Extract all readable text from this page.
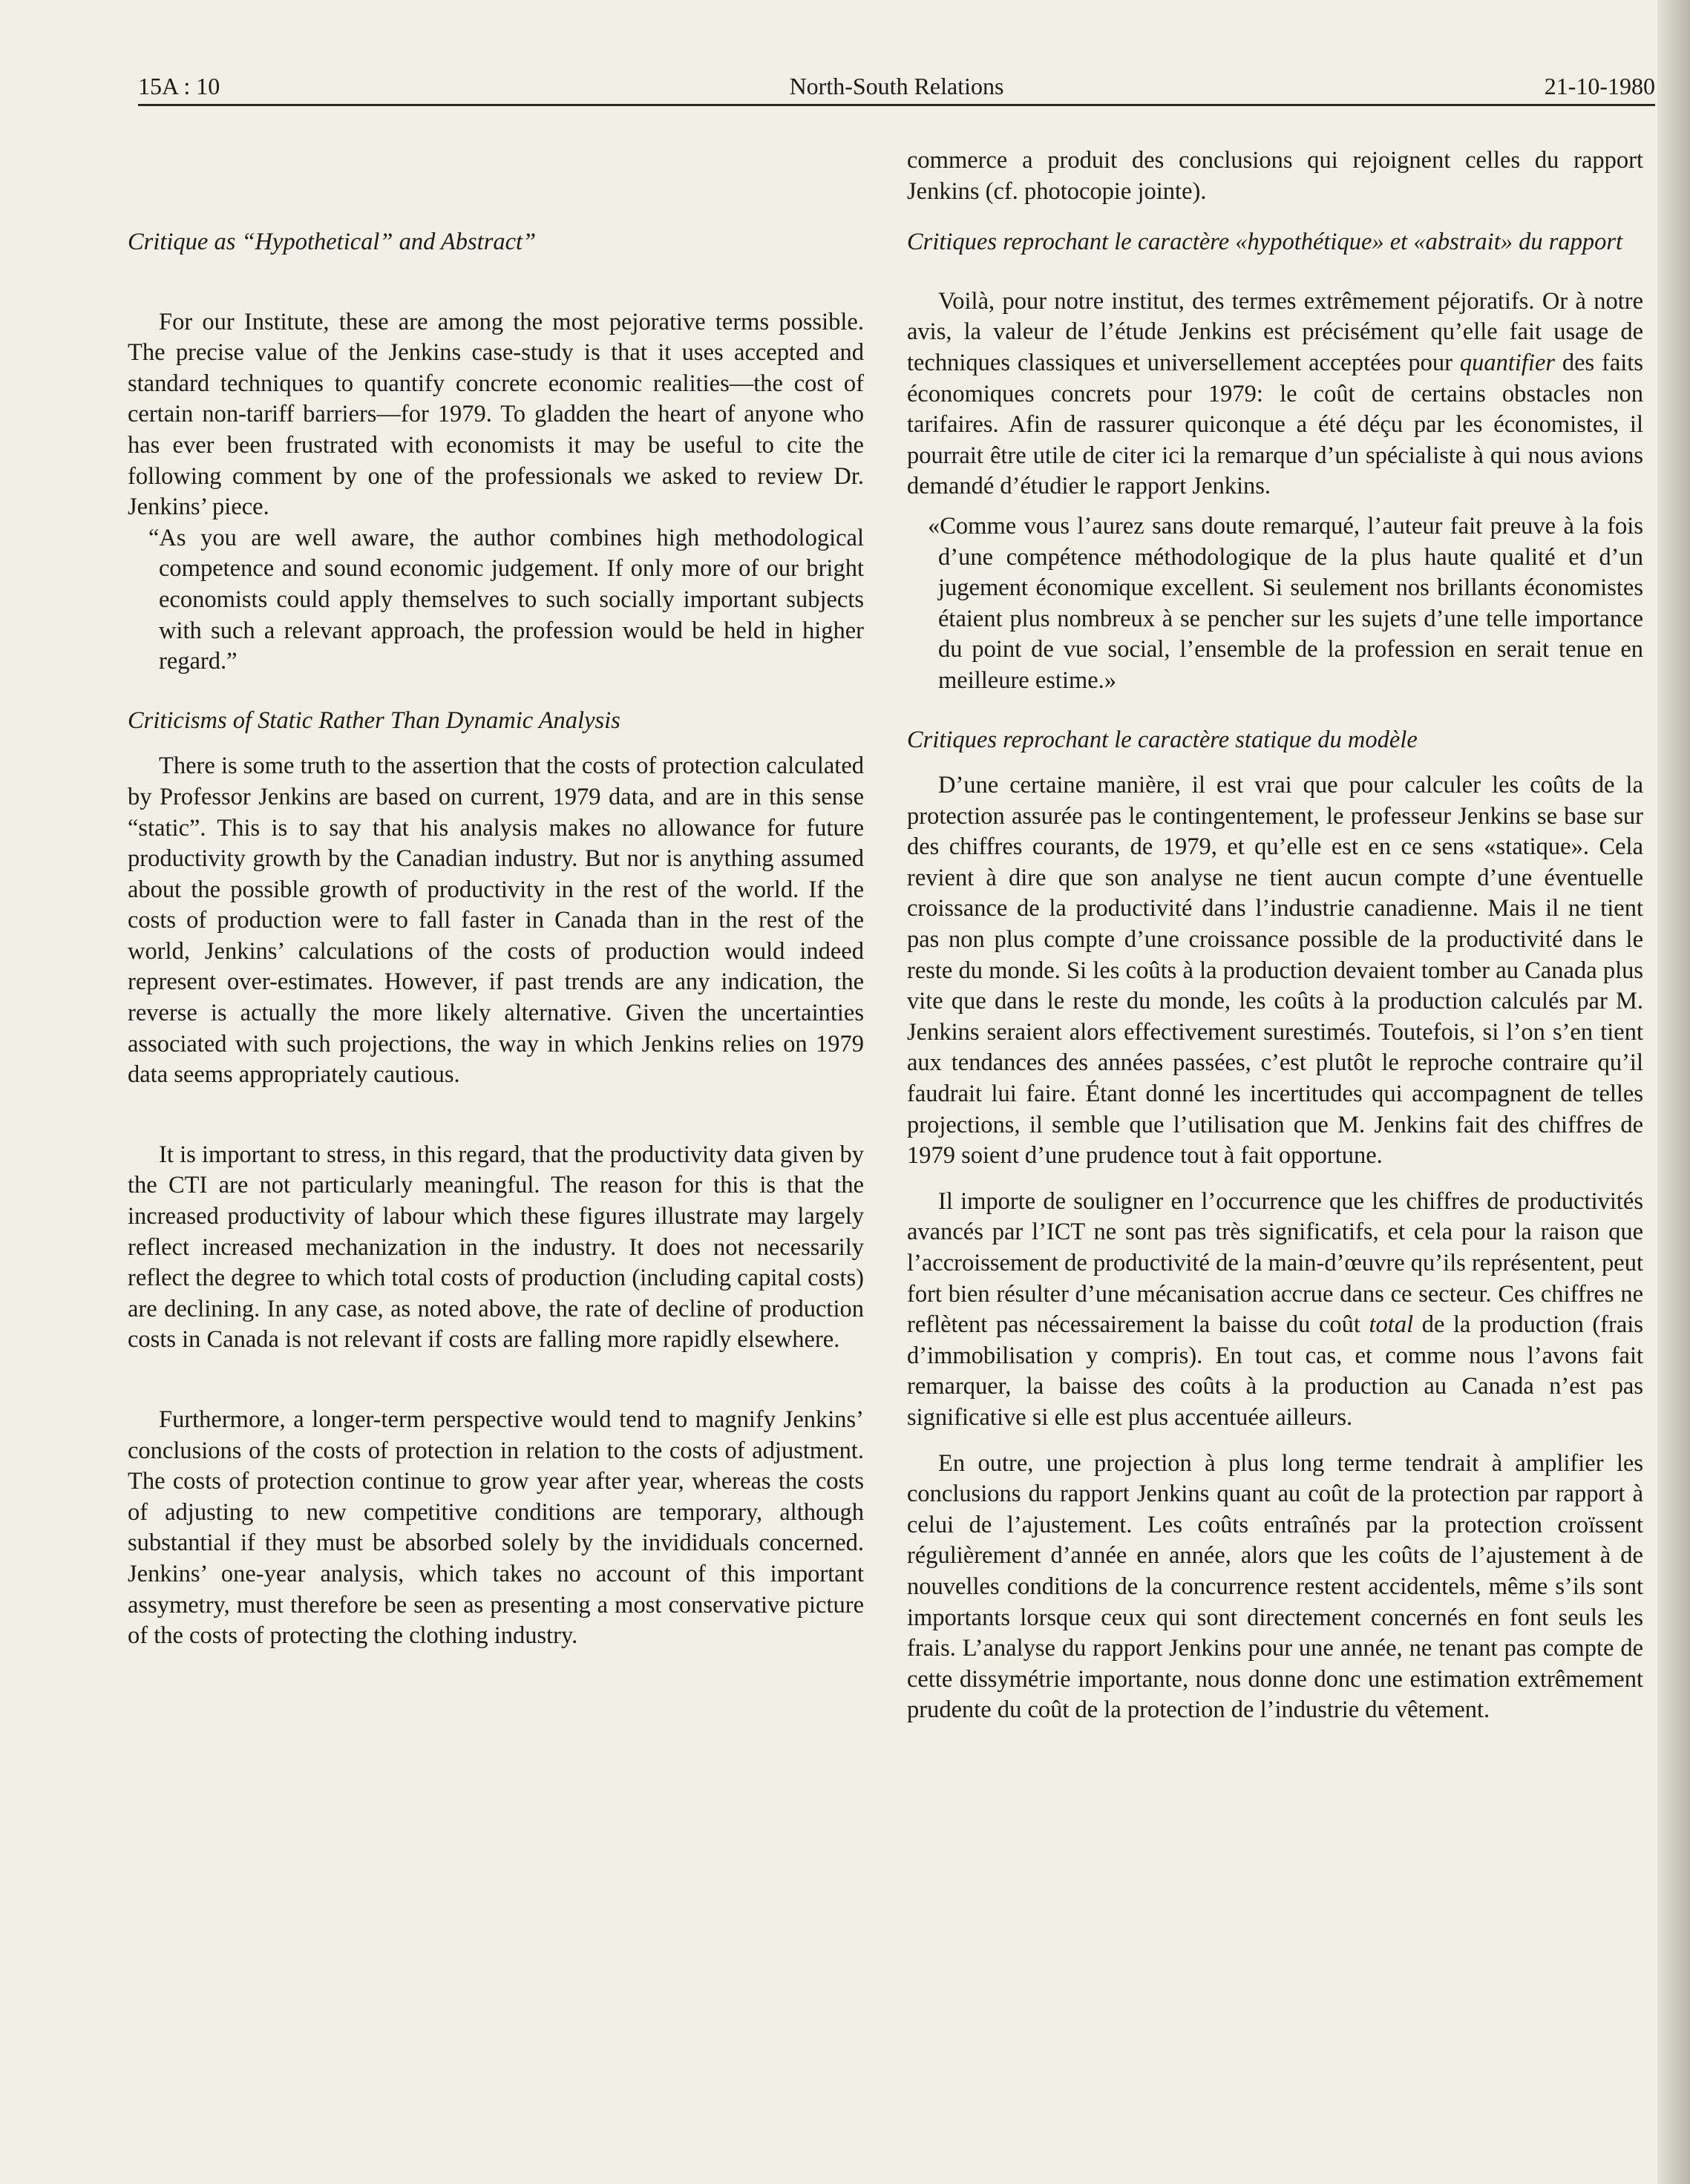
15A : 10	North-South Relations	21-10-1980
Critique as “Hypothetical” and Abstract”

For our Institute, these are among the most pejorative terms possible. The precise value of the Jenkins case-study is that it uses accepted and standard techniques to quantify concrete economic realities—the cost of certain non-tariff barriers—for 1979. To gladden the heart of anyone who has ever been frustrated with economists it may be useful to cite the following comment by one of the professionals we asked to review Dr. Jenkins’ piece.

“As you are well aware, the author combines high methodological competence and sound economic judgement. If only more of our bright economists could apply themselves to such socially important subjects with such a relevant approach, the profession would be held in higher regard.”

Criticisms of Static Rather Than Dynamic Analysis

There is some truth to the assertion that the costs of protection calculated by Professor Jenkins are based on current, 1979 data, and are in this sense “static”. This is to say that his analysis makes no allowance for future productivity growth by the Canadian industry. But nor is anything assumed about the possible growth of productivity in the rest of the world. If the costs of production were to fall faster in Canada than in the rest of the world, Jenkins’ calculations of the costs of production would indeed represent over-estimates. However, if past trends are any indication, the reverse is actually the more likely alternative. Given the uncertainties associated with such projections, the way in which Jenkins relies on 1979 data seems appropriately cautious.

It is important to stress, in this regard, that the productivity data given by the CTI are not particularly meaningful. The reason for this is that the increased productivity of labour which these figures illustrate may largely reflect increased mechanization in the industry. It does not necessarily reflect the degree to which total costs of production (including capital costs) are declining. In any case, as noted above, the rate of decline of production costs in Canada is not relevant if costs are falling more rapidly elsewhere.

Furthermore, a longer-term perspective would tend to magnify Jenkins’ conclusions of the costs of protection in relation to the costs of adjustment. The costs of protection continue to grow year after year, whereas the costs of adjusting to new competitive conditions are temporary, although substantial if they must be absorbed solely by the invididuals concerned. Jenkins’ one-year analysis, which takes no account of this important assymetry, must therefore be seen as presenting a most conservative picture of the costs of protecting the clothing industry.

commerce a produit des conclusions qui rejoignent celles du rapport Jenkins (cf. photocopie jointe).

Critiques reprochant le caractère «hypothétique» et «abstrait» du rapport

Voilà, pour notre institut, des termes extrêmement péjoratifs. Or à notre avis, la valeur de l’étude Jenkins est précisément qu’elle fait usage de techniques classiques et universellement acceptées pour quantifier des faits économiques concrets pour 1979: le coût de certains obstacles non tarifaires. Afin de rassurer quiconque a été déçu par les économistes, il pourrait être utile de citer ici la remarque d’un spécialiste à qui nous avions demandé d’étudier le rapport Jenkins.

«Comme vous l’aurez sans doute remarqué, l’auteur fait preuve à la fois d’une compétence méthodologique de la plus haute qualité et d’un jugement économique excellent. Si seulement nos brillants économistes étaient plus nombreux à se pencher sur les sujets d’une telle importance du point de vue social, l’ensemble de la profession en serait tenue en meilleure estime.»

Critiques reprochant le caractère statique du modèle

D’une certaine manière, il est vrai que pour calculer les coûts de la protection assurée pas le contingentement, le professeur Jenkins se base sur des chiffres courants, de 1979, et qu’elle est en ce sens «statique». Cela revient à dire que son analyse ne tient aucun compte d’une éventuelle croissance de la productivité dans l’industrie canadienne. Mais il ne tient pas non plus compte d’une croissance possible de la productivité dans le reste du monde. Si les coûts à la production devaient tomber au Canada plus vite que dans le reste du monde, les coûts à la production calculés par M. Jenkins seraient alors effectivement surestimés. Toutefois, si l’on s’en tient aux tendances des années passées, c’est plutôt le reproche contraire qu’il faudrait lui faire. Étant donné les incertitudes qui accompagnent de telles projections, il semble que l’utilisation que M. Jenkins fait des chiffres de 1979 soient d’une prudence tout à fait opportune.

Il importe de souligner en l’occurrence que les chiffres de productivités avancés par l’ICT ne sont pas très significatifs, et cela pour la raison que l’accroissement de productivité de la main-d’œuvre qu’ils représentent, peut fort bien résulter d’une mécanisation accrue dans ce secteur. Ces chiffres ne reflètent pas nécessairement la baisse du coût total de la production (frais d’immobilisation y compris). En tout cas, et comme nous l’avons fait remarquer, la baisse des coûts à la production au Canada n’est pas significative si elle est plus accentuée ailleurs.

En outre, une projection à plus long terme tendrait à amplifier les conclusions du rapport Jenkins quant au coût de la protection par rapport à celui de l’ajustement. Les coûts entraînés par la protection croïssent régulièrement d’année en année, alors que les coûts de l’ajustement à de nouvelles conditions de la concurrence restent accidentels, même s’ils sont importants lorsque ceux qui sont directement concernés en font seuls les frais. L’analyse du rapport Jenkins pour une année, ne tenant pas compte de cette dissymétrie importante, nous donne donc une estimation extrêmement prudente du coût de la protection de l’industrie du vêtement.
